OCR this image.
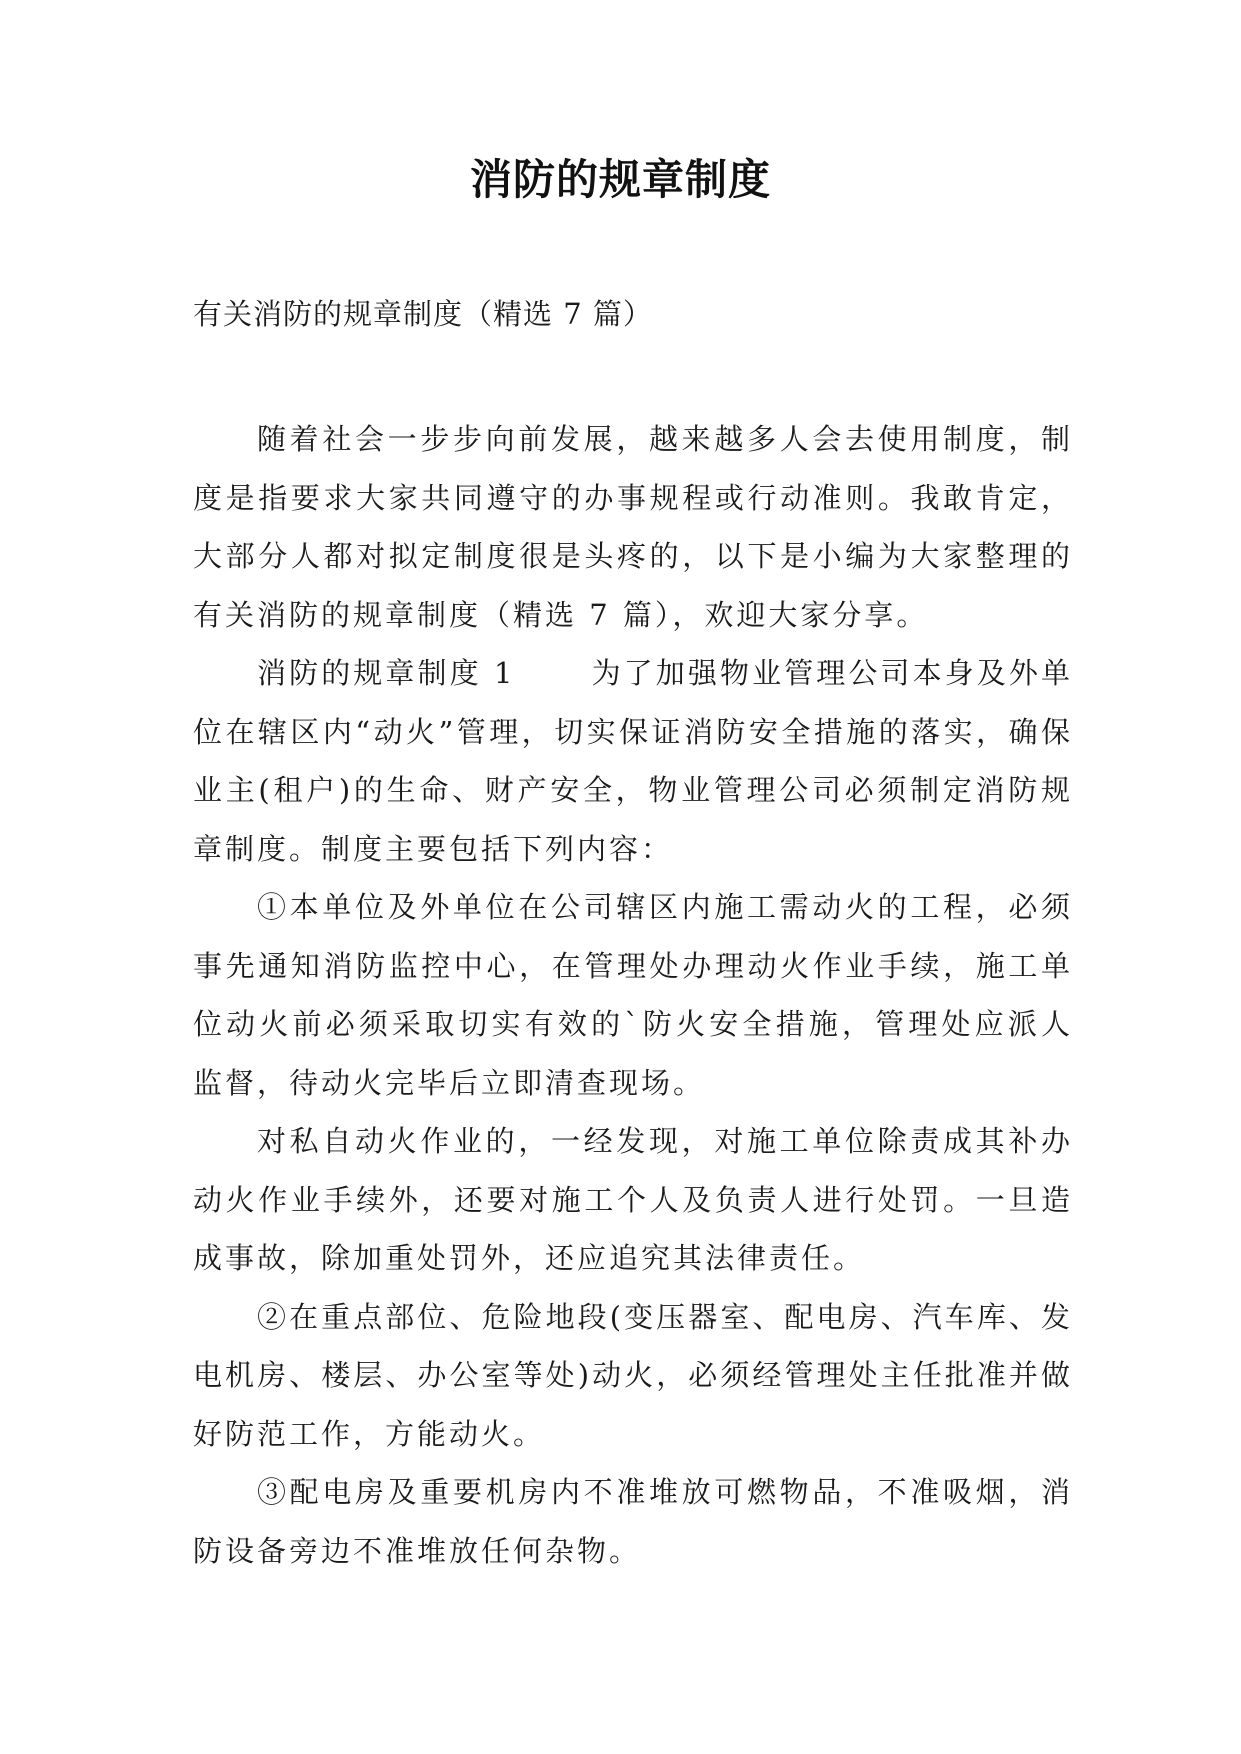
消防的规章制度
有关消防的规章制度（精选 7 篇）

随着社会一步步向前发展，越来越多人会去使用制度，制度是指要求大家共同遵守的办事规程或行动准则。我敢肯定，大部分人都对拟定制度很是头疼的，以下是小编为大家整理的有关消防的规章制度（精选 7 篇），欢迎大家分享。

消防的规章制度 1	为了加强物业管理公司本身及外单位在辖区内“动火”管理，切实保证消防安全措施的落实，确保业主(租户)的生命、财产安全，物业管理公司必须制定消防规章制度。制度主要包括下列内容：

①本单位及外单位在公司辖区内施工需动火的工程，必须事先通知消防监控中心，在管理处办理动火作业手续，施工单位动火前必须采取切实有效的`防火安全措施，管理处应派人监督，待动火完毕后立即清查现场。

对私自动火作业的，一经发现，对施工单位除责成其补办动火作业手续外，还要对施工个人及负责人进行处罚。一旦造成事故，除加重处罚外，还应追究其法律责任。

②在重点部位、危险地段(变压器室、配电房、汽车库、发电机房、楼层、办公室等处)动火，必须经管理处主任批准并做好防范工作，方能动火。

③配电房及重要机房内不准堆放可燃物品，不准吸烟，消防设备旁边不准堆放任何杂物。
